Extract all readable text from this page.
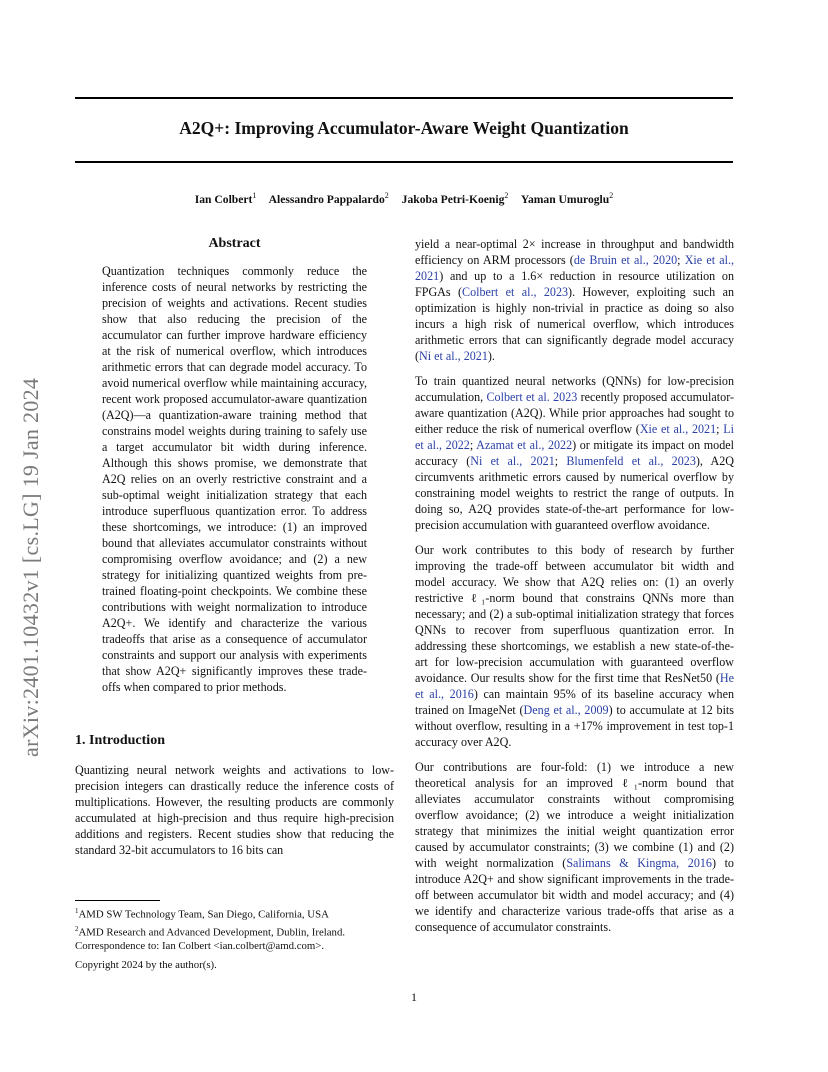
A2Q+: Improving Accumulator-Aware Weight Quantization
Ian Colbert$^1$ Alessandro Pappalardo$^2$ Jakoba Petri-Koenig$^2$ Yaman Umuroglu$^2$
arXiv:2401.10432v1 [cs.LG] 19 Jan 2024
Abstract

Quantization techniques commonly reduce the inference costs of neural networks by restricting the precision of weights and activations. Recent studies show that also reducing the precision of the accumulator can further improve hardware efficiency at the risk of numerical overflow, which introduces arithmetic errors that can degrade model accuracy. To avoid numerical overflow while maintaining accuracy, recent work proposed accumulator-aware quantization (A2Q)—a quantization-aware training method that constrains model weights during training to safely use a target accumulator bit width during inference. Although this shows promise, we demonstrate that A2Q relies on an overly restrictive constraint and a sub-optimal weight initialization strategy that each introduce superfluous quantization error. To address these shortcomings, we introduce: (1) an improved bound that alleviates accumulator constraints without compromising overflow avoidance; and (2) a new strategy for initializing quantized weights from pre-trained floating-point checkpoints. We combine these contributions with weight normalization to introduce A2Q+. We identify and characterize the various tradeoffs that arise as a consequence of accumulator constraints and support our analysis with experiments that show A2Q+ significantly improves these trade-offs when compared to prior methods.

1. Introduction

Quantizing neural network weights and activations to low-precision integers can drastically reduce the inference costs of multiplications. However, the resulting products are commonly accumulated at high-precision and thus require high-precision additions and registers. Recent studies show that reducing the standard 32-bit accumulators to 16 bits can

yield a near-optimal 2× increase in throughput and bandwidth efficiency on ARM processors (de Bruin et al., 2020; Xie et al., 2021) and up to a 1.6× reduction in resource utilization on FPGAs (Colbert et al., 2023). However, exploiting such an optimization is highly non-trivial in practice as doing so also incurs a high risk of numerical overflow, which introduces arithmetic errors that can significantly degrade model accuracy (Ni et al., 2021).

To train quantized neural networks (QNNs) for low-precision accumulation, Colbert et al. 2023 recently proposed accumulator-aware quantization (A2Q). While prior approaches had sought to either reduce the risk of numerical overflow (Xie et al., 2021; Li et al., 2022; Azamat et al., 2022) or mitigate its impact on model accuracy (Ni et al., 2021; Blumenfeld et al., 2023), A2Q circumvents arithmetic errors caused by numerical overflow by constraining model weights to restrict the range of outputs. In doing so, A2Q provides state-of-the-art performance for low-precision accumulation with guaranteed overflow avoidance.

Our work contributes to this body of research by further improving the trade-off between accumulator bit width and model accuracy. We show that A2Q relies on: (1) an overly restrictive ℓ₁-norm bound that constrains QNNs more than necessary; and (2) a sub-optimal initialization strategy that forces QNNs to recover from superfluous quantization error. In addressing these shortcomings, we establish a new state-of-the-art for low-precision accumulation with guaranteed overflow avoidance. Our results show for the first time that ResNet50 (He et al., 2016) can maintain 95% of its baseline accuracy when trained on ImageNet (Deng et al., 2009) to accumulate at 12 bits without overflow, resulting in a +17% improvement in test top-1 accuracy over A2Q.

Our contributions are four-fold: (1) we introduce a new theoretical analysis for an improved ℓ₁-norm bound that alleviates accumulator constraints without compromising overflow avoidance; (2) we introduce a weight initialization strategy that minimizes the initial weight quantization error caused by accumulator constraints; (3) we combine (1) and (2) with weight normalization (Salimans & Kingma, 2016) to introduce A2Q+ and show significant improvements in the trade-off between accumulator bit width and model accuracy; and (4) we identify and characterize various trade-offs that arise as a consequence of accumulator constraints.

$^1$AMD SW Technology Team, San Diego, California, USA
$^2$AMD Research and Advanced Development, Dublin, Ireland.
Correspondence to: Ian Colbert <ian.colbert@amd.com>.
Copyright 2024 by the author(s).
1
